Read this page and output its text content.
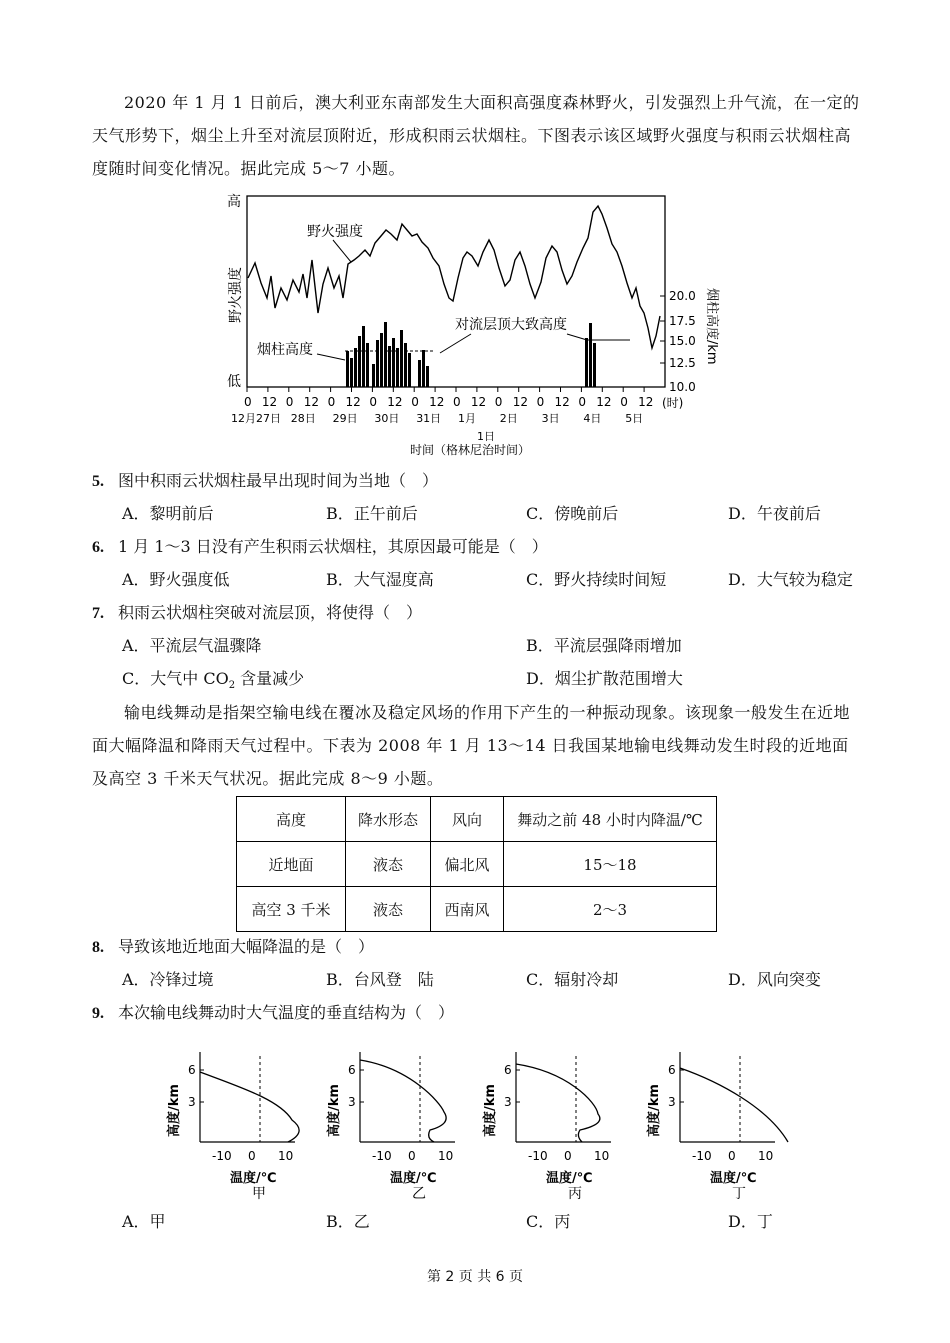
2020 年 1 月 1 日前后，澳大利亚东南部发生大面积高强度森林野火，引发强烈上升气流，在一定的天气形势下，烟尘上升至对流层顶附近，形成积雨云状烟柱。下图表示该区域野火强度与积雨云状烟柱高度随时间变化情况。据此完成 5～7 小题。
高
低
野火强度	20.0
17.5
15.0
12.5
10.0
烟柱高度/km
野火强度
烟柱高度
对流层顶大致高度
0 12 0 12 0 12 0 12 0 12 0 12 0 12 0 12 0 12 0 12
12月27日 28日 29日 30日 31日 1月 2日 3日 4日 5日
(时)
1日
时间（格林尼治时间）
5. 图中积雨云状烟柱最早出现时间为当地（　）
A．黎明前后	B．正午前后	C．傍晚前后	D．午夜前后
6. 1 月 1～3 日没有产生积雨云状烟柱，其原因最可能是（　）
A．野火强度低	B．大气湿度高	C．野火持续时间短	D．大气较为稳定
7. 积雨云状烟柱突破对流层顶，将使得（　）
A．平流层气温骤降	B．平流层强降雨增加
C．大气中 $CO_2$ 含量减少	D．烟尘扩散范围增大
输电线舞动是指架空输电线在覆冰及稳定风场的作用下产生的一种振动现象。该现象一般发生在近地面大幅降温和降雨天气过程中。下表为 2008 年 1 月 13～14 日我国某地输电线舞动发生时段的近地面及高空 3 千米天气状况。据此完成 8～9 小题。
高度	降水形态	风向	舞动之前 48 小时内降温/℃
近地面	液态	偏北风	15～18
高空 3 千米	液态	西南风	2～3
8. 导致该地近地面大幅降温的是（　）
A．冷锋过境	B．台风登　陆	C．辐射冷却	D．风向突变
9. 本次输电线舞动时大气温度的垂直结构为（　）
6
3
-10 0 10
高度/km
温度/℃
甲
6
3
-10 0 10
高度/km
温度/℃
乙
6
3
-10 0 10
高度/km
温度/℃
丙
6
3
-10 0 10
高度/km
温度/℃
丁
A．甲	B．乙	C．丙	D．丁
第 2 页 共 6 页
